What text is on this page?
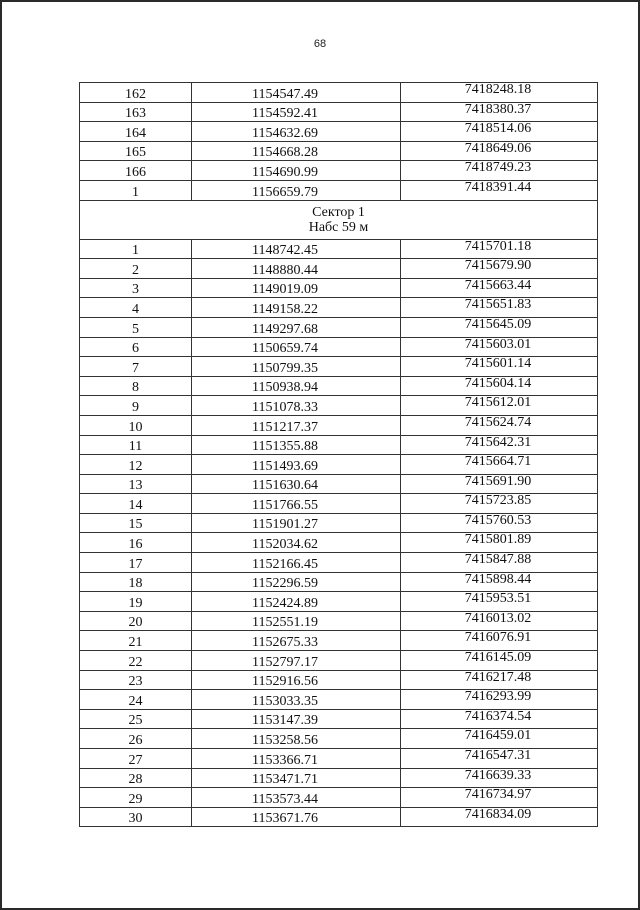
68
162	1154547.49	7418248.18
163	1154592.41	7418380.37
164	1154632.69	7418514.06
165	1154668.28	7418649.06
166	1154690.99	7418749.23
1	1156659.79	7418391.44

Сектор 1
Набс 59 м		

1	1148742.45	7415701.18
2	1148880.44	7415679.90
3	1149019.09	7415663.44
4	1149158.22	7415651.83
5	1149297.68	7415645.09
6	1150659.74	7415603.01
7	1150799.35	7415601.14
8	1150938.94	7415604.14
9	1151078.33	7415612.01
10	1151217.37	7415624.74
11	1151355.88	7415642.31
12	1151493.69	7415664.71
13	1151630.64	7415691.90
14	1151766.55	7415723.85
15	1151901.27	7415760.53
16	1152034.62	7415801.89
17	1152166.45	7415847.88
18	1152296.59	7415898.44
19	1152424.89	7415953.51
20	1152551.19	7416013.02
21	1152675.33	7416076.91
22	1152797.17	7416145.09
23	1152916.56	7416217.48
24	1153033.35	7416293.99
25	1153147.39	7416374.54
26	1153258.56	7416459.01
27	1153366.71	7416547.31
28	1153471.71	7416639.33
29	1153573.44	7416734.97
30	1153671.76	7416834.09
